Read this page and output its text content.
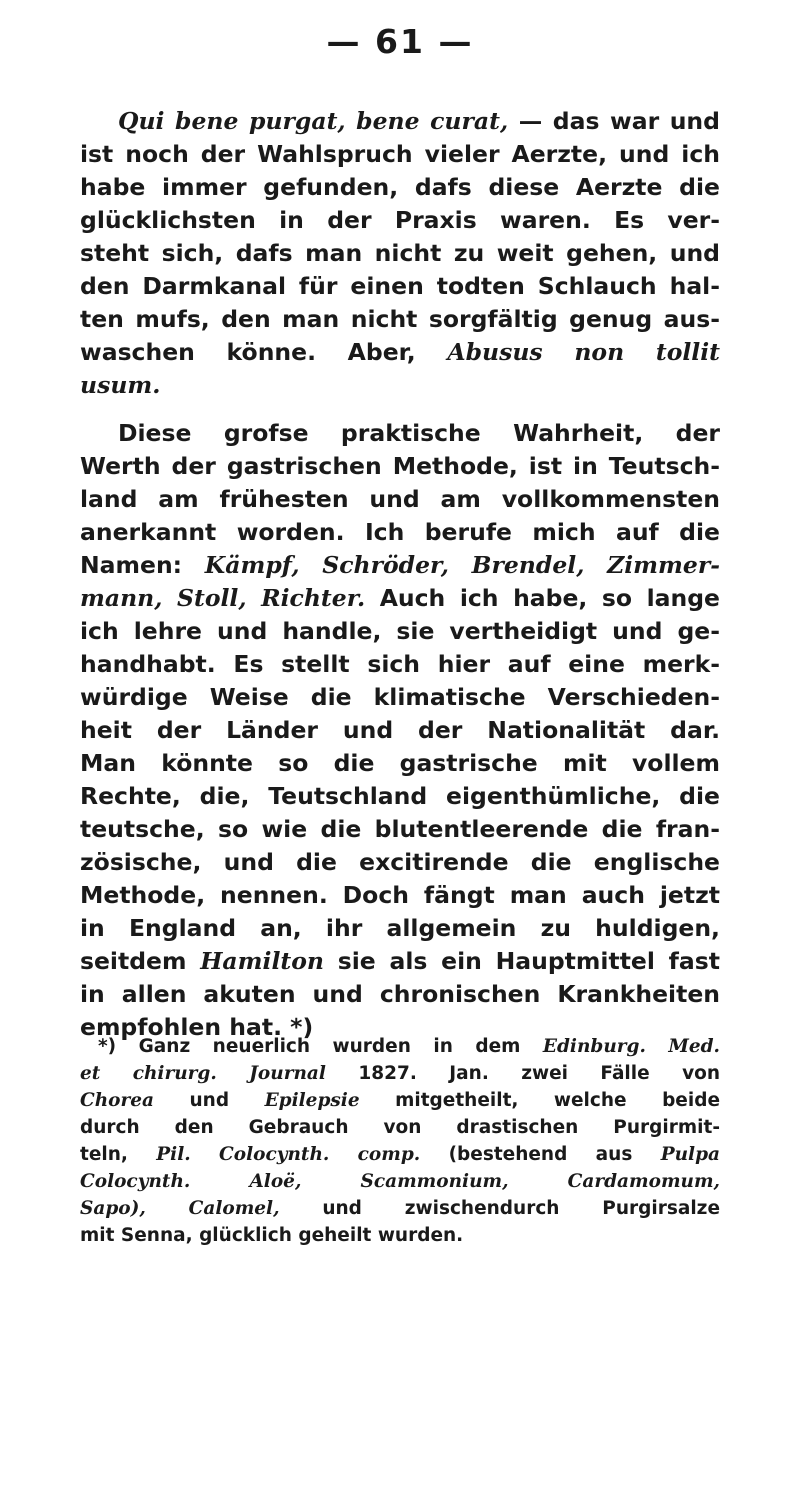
— 61 —
Qui bene purgat, bene curat, — das war und
ist noch der Wahlspruch vieler Aerzte, und ich
habe immer gefunden, dafs diese Aerzte die
glücklichsten in der Praxis waren. Es ver-
steht sich, dafs man nicht zu weit gehen, und
den Darmkanal für einen todten Schlauch hal-
ten mufs, den man nicht sorgfältig genug aus-
waschen könne. Aber, Abusus non tollit
usum.
Diese grofse praktische Wahrheit, der
Werth der gastrischen Methode, ist in Teutsch-
land am frühesten und am vollkommensten
anerkannt worden. Ich berufe mich auf die
Namen: Kämpf, Schröder, Brendel, Zimmer-
mann, Stoll, Richter. Auch ich habe, so lange
ich lehre und handle, sie vertheidigt und ge-
handhabt. Es stellt sich hier auf eine merk-
würdige Weise die klimatische Verschieden-
heit der Länder und der Nationalität dar.
Man könnte so die gastrische mit vollem
Rechte, die, Teutschland eigenthümliche, die
teutsche, so wie die blutentleerende die fran-
zösische, und die excitirende die englische
Methode, nennen. Doch fängt man auch jetzt
in England an, ihr allgemein zu huldigen,
seitdem Hamilton sie als ein Hauptmittel fast
in allen akuten und chronischen Krankheiten
empfohlen hat. *)
*) Ganz neuerlich wurden in dem Edinburg. Med.
et chirurg. Journal 1827. Jan. zwei Fälle von
Chorea und Epilepsie mitgetheilt, welche beide
durch den Gebrauch von drastischen Purgirmit-
teln, Pil. Colocynth. comp. (bestehend aus Pulpa
Colocynth. Aloë, Scammonium, Cardamomum,
Sapo), Calomel, und zwischendurch Purgirsalze
mit Senna, glücklich geheilt wurden.
